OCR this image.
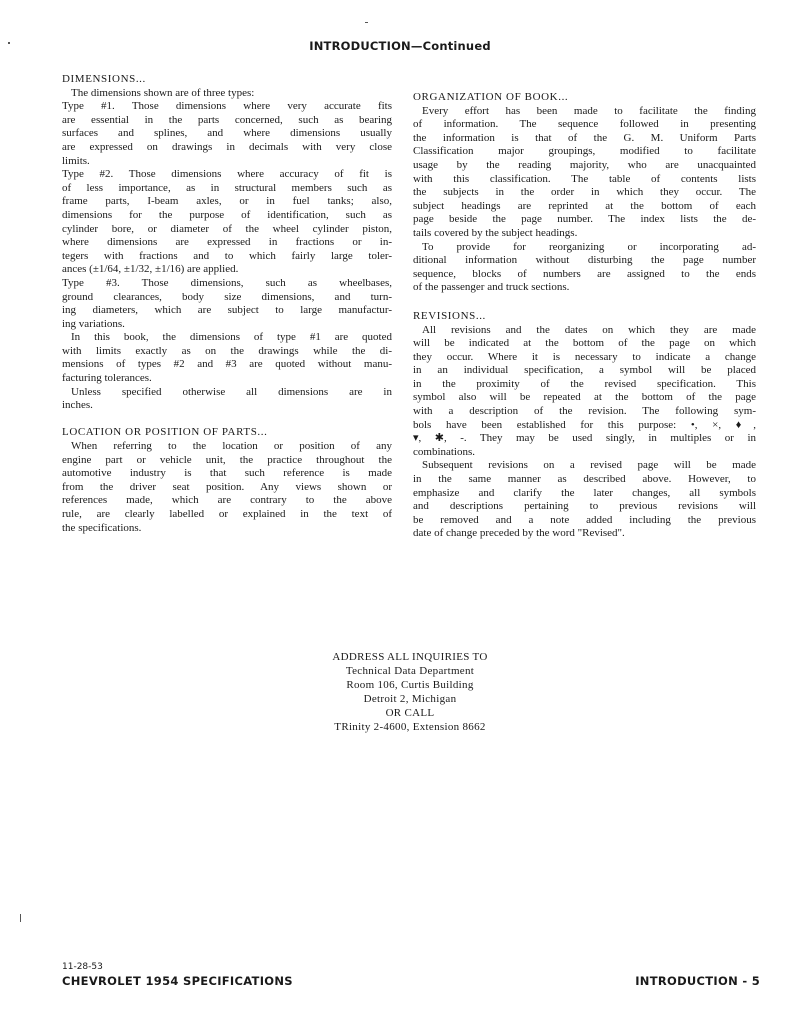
INTRODUCTION—Continued
DIMENSIONS...
The dimensions shown are of three types:
Type #1. Those dimensions where very accurate fits
are essential in the parts concerned, such as bearing
surfaces and splines, and where dimensions usually
are expressed on drawings in decimals with very close
limits.
Type #2. Those dimensions where accuracy of fit is
of less importance, as in structural members such as
frame parts, I-beam axles, or in fuel tanks; also,
dimensions for the purpose of identification, such as
cylinder bore, or diameter of the wheel cylinder piston,
where dimensions are expressed in fractions or in-
tegers with fractions and to which fairly large toler-
ances (±1/64, ±1/32, ±1/16) are applied.
Type #3. Those dimensions, such as wheelbases,
ground clearances, body size dimensions, and turn-
ing diameters, which are subject to large manufactur-
ing variations.
In this book, the dimensions of type #1 are quoted
with limits exactly as on the drawings while the di-
mensions of types #2 and #3 are quoted without manu-
facturing tolerances.
Unless specified otherwise all dimensions are in
inches.
LOCATION OR POSITION OF PARTS...
When referring to the location or position of any
engine part or vehicle unit, the practice throughout the
automotive industry is that such reference is made
from the driver seat position. Any views shown or
references made, which are contrary to the above
rule, are clearly labelled or explained in the text of
the specifications.
ORGANIZATION OF BOOK...
Every effort has been made to facilitate the finding
of information. The sequence followed in presenting
the information is that of the G. M. Uniform Parts
Classification major groupings, modified to facilitate
usage by the reading majority, who are unacquainted
with this classification. The table of contents lists
the subjects in the order in which they occur. The
subject headings are reprinted at the bottom of each
page beside the page number. The index lists the de-
tails covered by the subject headings.
To provide for reorganizing or incorporating ad-
ditional information without disturbing the page number
sequence, blocks of numbers are assigned to the ends
of the passenger and truck sections.
REVISIONS...
All revisions and the dates on which they are made
will be indicated at the bottom of the page on which
they occur. Where it is necessary to indicate a change
in an individual specification, a symbol will be placed
in the proximity of the revised specification. This
symbol also will be repeated at the bottom of the page
with a description of the revision. The following sym-
bols have been established for this purpose: •, ×, ♦,
▾, ✱, -. They may be used singly, in multiples or in
combinations.
Subsequent revisions on a revised page will be made
in the same manner as described above. However, to
emphasize and clarify the later changes, all symbols
and descriptions pertaining to previous revisions will
be removed and a note added including the previous
date of change preceded by the word "Revised".
ADDRESS ALL INQUIRIES TO
Technical Data Department
Room 106, Curtis Building
Detroit 2, Michigan
OR CALL
TRinity 2-4600, Extension 8662
11-28-53
CHEVROLET 1954 SPECIFICATIONS	INTRODUCTION - 5
